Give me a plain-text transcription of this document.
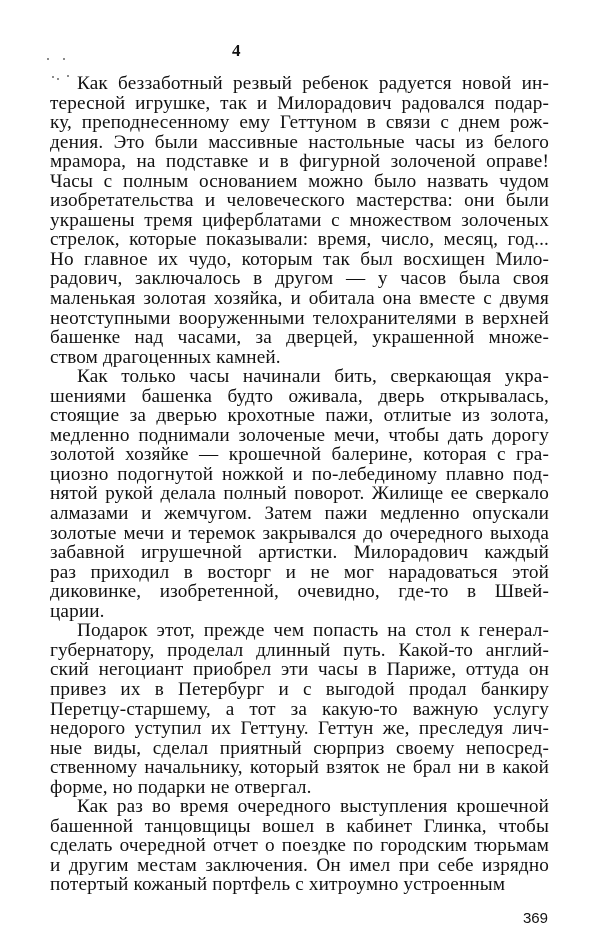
4
Как беззаботный резвый ребенок радуется новой ин-
тересной игрушке, так и Милорадович радовался подар-
ку, преподнесенному ему Геттуном в связи с днем рож-
дения. Это были массивные настольные часы из белого
мрамора, на подставке и в фигурной золоченой оправе!
Часы с полным основанием можно было назвать чудом
изобретательства и человеческого мастерства: они были
украшены тремя циферблатами с множеством золоченых
стрелок, которые показывали: время, число, месяц, год...
Но главное их чудо, которым так был восхищен Мило-
радович, заключалось в другом — у часов была своя
маленькая золотая хозяйка, и обитала она вместе с двумя
неотступными вооруженными телохранителями в верхней
башенке над часами, за дверцей, украшенной множе-
ством драгоценных камней.
Как только часы начинали бить, сверкающая укра-
шениями башенка будто оживала, дверь открывалась,
стоящие за дверью крохотные пажи, отлитые из золота,
медленно поднимали золоченые мечи, чтобы дать дорогу
золотой хозяйке — крошечной балерине, которая с гра-
циозно подогнутой ножкой и по-лебединому плавно под-
нятой рукой делала полный поворот. Жилище ее сверкало
алмазами и жемчугом. Затем пажи медленно опускали
золотые мечи и теремок закрывался до очередного выхода
забавной игрушечной артистки. Милорадович каждый
раз приходил в восторг и не мог нарадоваться этой
диковинке, изобретенной, очевидно, где-то в Швей-
царии.
Подарок этот, прежде чем попасть на стол к генерал-
губернатору, проделал длинный путь. Какой-то англий-
ский негоциант приобрел эти часы в Париже, оттуда он
привез их в Петербург и с выгодой продал банкиру
Перетцу-старшему, а тот за какую-то важную услугу
недорого уступил их Геттуну. Геттун же, преследуя лич-
ные виды, сделал приятный сюрприз своему непосред-
ственному начальнику, который взяток не брал ни в какой
форме, но подарки не отвергал.
Как раз во время очередного выступления крошечной
башенной танцовщицы вошел в кабинет Глинка, чтобы
сделать очередной отчет о поездке по городским тюрьмам
и другим местам заключения. Он имел при себе изрядно
потертый кожаный портфель с хитроумно устроенным
369
